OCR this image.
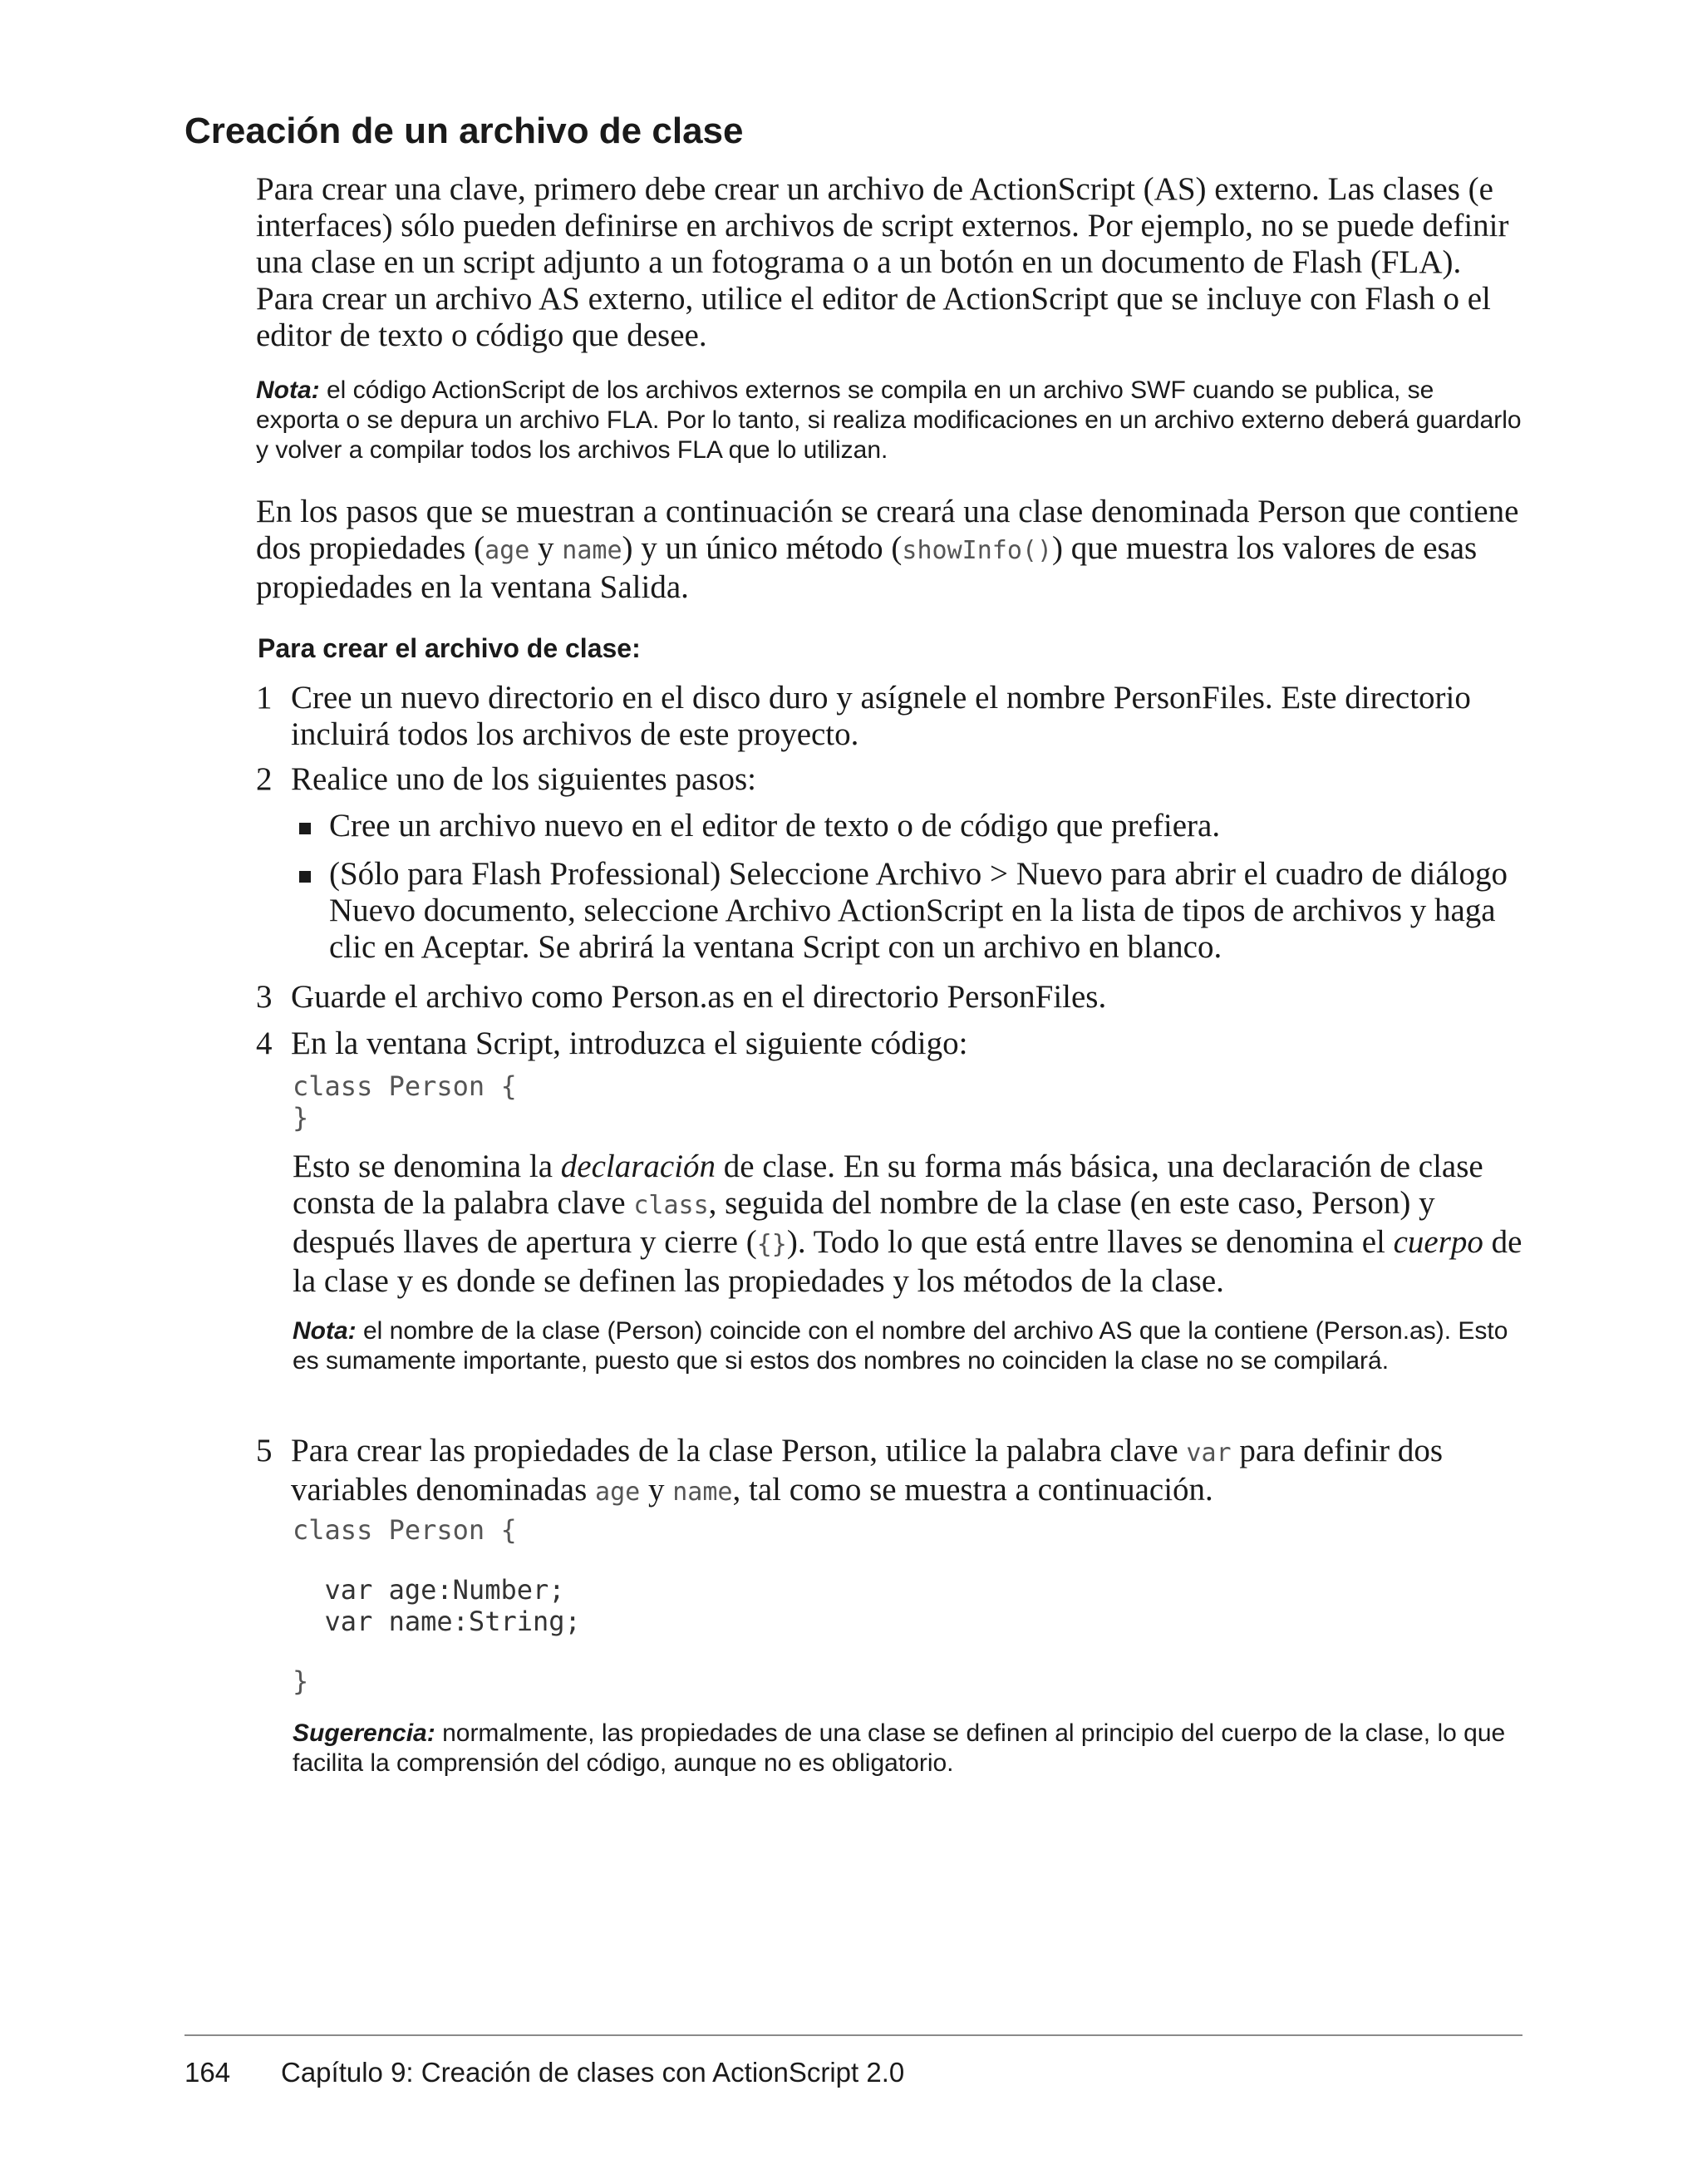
Creación de un archivo de clase
Para crear una clave, primero debe crear un archivo de ActionScript (AS) externo. Las clases (e interfaces) sólo pueden definirse en archivos de script externos. Por ejemplo, no se puede definir una clase en un script adjunto a un fotograma o a un botón en un documento de Flash (FLA). Para crear un archivo AS externo, utilice el editor de ActionScript que se incluye con Flash o el editor de texto o código que desee.
Nota: el código ActionScript de los archivos externos se compila en un archivo SWF cuando se publica, se exporta o se depura un archivo FLA. Por lo tanto, si realiza modificaciones en un archivo externo deberá guardarlo y volver a compilar todos los archivos FLA que lo utilizan.
En los pasos que se muestran a continuación se creará una clase denominada Person que contiene dos propiedades (age y name) y un único método (showInfo()) que muestra los valores de esas propiedades en la ventana Salida.
Para crear el archivo de clase:
1 Cree un nuevo directorio en el disco duro y asígnele el nombre PersonFiles. Este directorio incluirá todos los archivos de este proyecto.
2 Realice uno de los siguientes pasos:
Cree un archivo nuevo en el editor de texto o de código que prefiera.
(Sólo para Flash Professional) Seleccione Archivo > Nuevo para abrir el cuadro de diálogo Nuevo documento, seleccione Archivo ActionScript en la lista de tipos de archivos y haga clic en Aceptar. Se abrirá la ventana Script con un archivo en blanco.
3 Guarde el archivo como Person.as en el directorio PersonFiles.
4 En la ventana Script, introduzca el siguiente código:
class Person {
}
Esto se denomina la declaración de clase. En su forma más básica, una declaración de clase consta de la palabra clave class, seguida del nombre de la clase (en este caso, Person) y después llaves de apertura y cierre ({}). Todo lo que está entre llaves se denomina el cuerpo de la clase y es donde se definen las propiedades y los métodos de la clase.
Nota: el nombre de la clase (Person) coincide con el nombre del archivo AS que la contiene (Person.as). Esto es sumamente importante, puesto que si estos dos nombres no coinciden la clase no se compilará.
5 Para crear las propiedades de la clase Person, utilice la palabra clave var para definir dos variables denominadas age y name, tal como se muestra a continuación.
class Person {
var age:Number;
var name:String;
}
Sugerencia: normalmente, las propiedades de una clase se definen al principio del cuerpo de la clase, lo que facilita la comprensión del código, aunque no es obligatorio.
164 Capítulo 9: Creación de clases con ActionScript 2.0
